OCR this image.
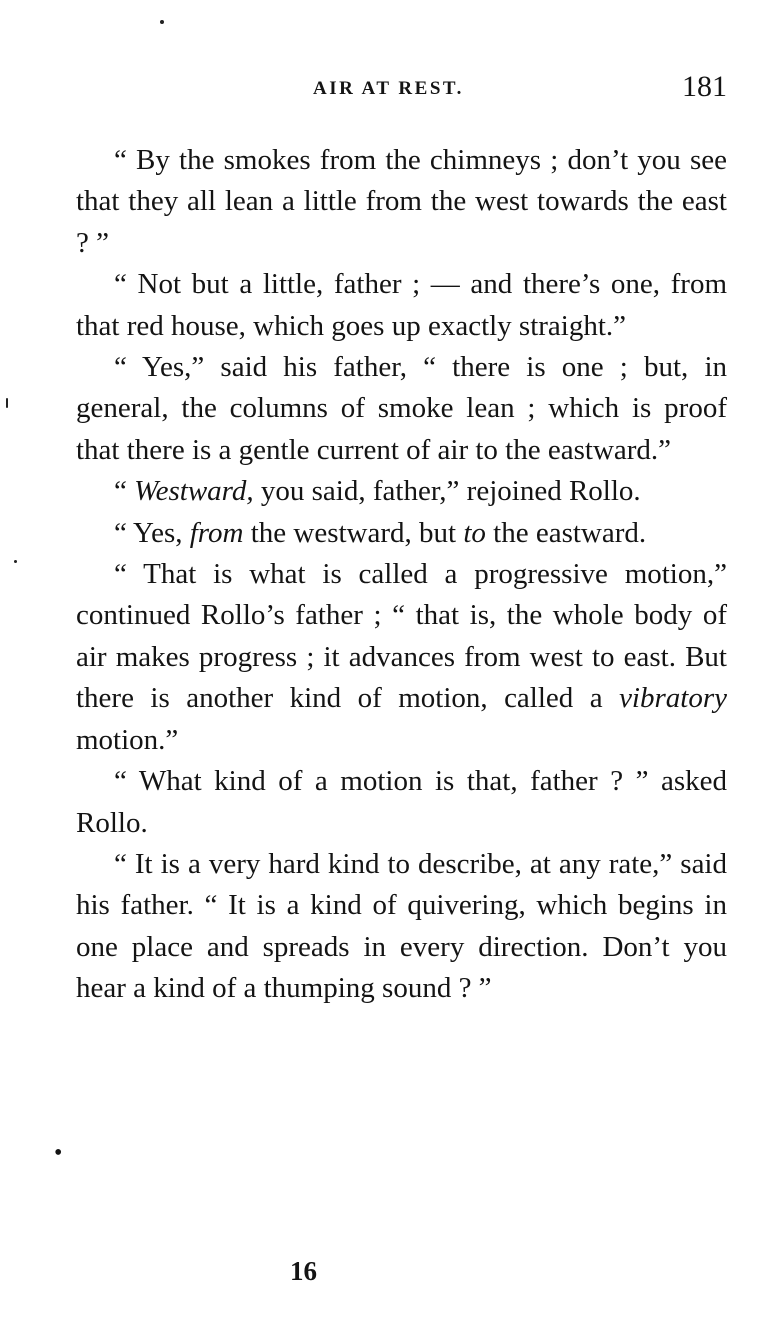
•
AIR AT REST.	181

“ By the smokes from the chimneys ; don’t you see that they all lean a little from the west towards the east ? ”

“ Not but a little, father ; — and there’s one, from that red house, which goes up exactly straight.”

“ Yes,” said his father, “ there is one ; but, in general, the columns of smoke lean ; which is proof that there is a gentle current of air to the eastward.”

“ Westward, you said, father,” rejoined Rollo.

“ Yes, from the westward, but to the eastward.

“ That is what is called a progressive motion,” continued Rollo’s father ; “ that is, the whole body of air makes progress ; it advances from west to east. But there is another kind of motion, called a vibratory motion.”

“ What kind of a motion is that, father ? ” asked Rollo.

“ It is a very hard kind to describe, at any rate,” said his father. “ It is a kind of quivering, which begins in one place and spreads in every direction. Don’t you hear a kind of a thumping sound ? ”

16
